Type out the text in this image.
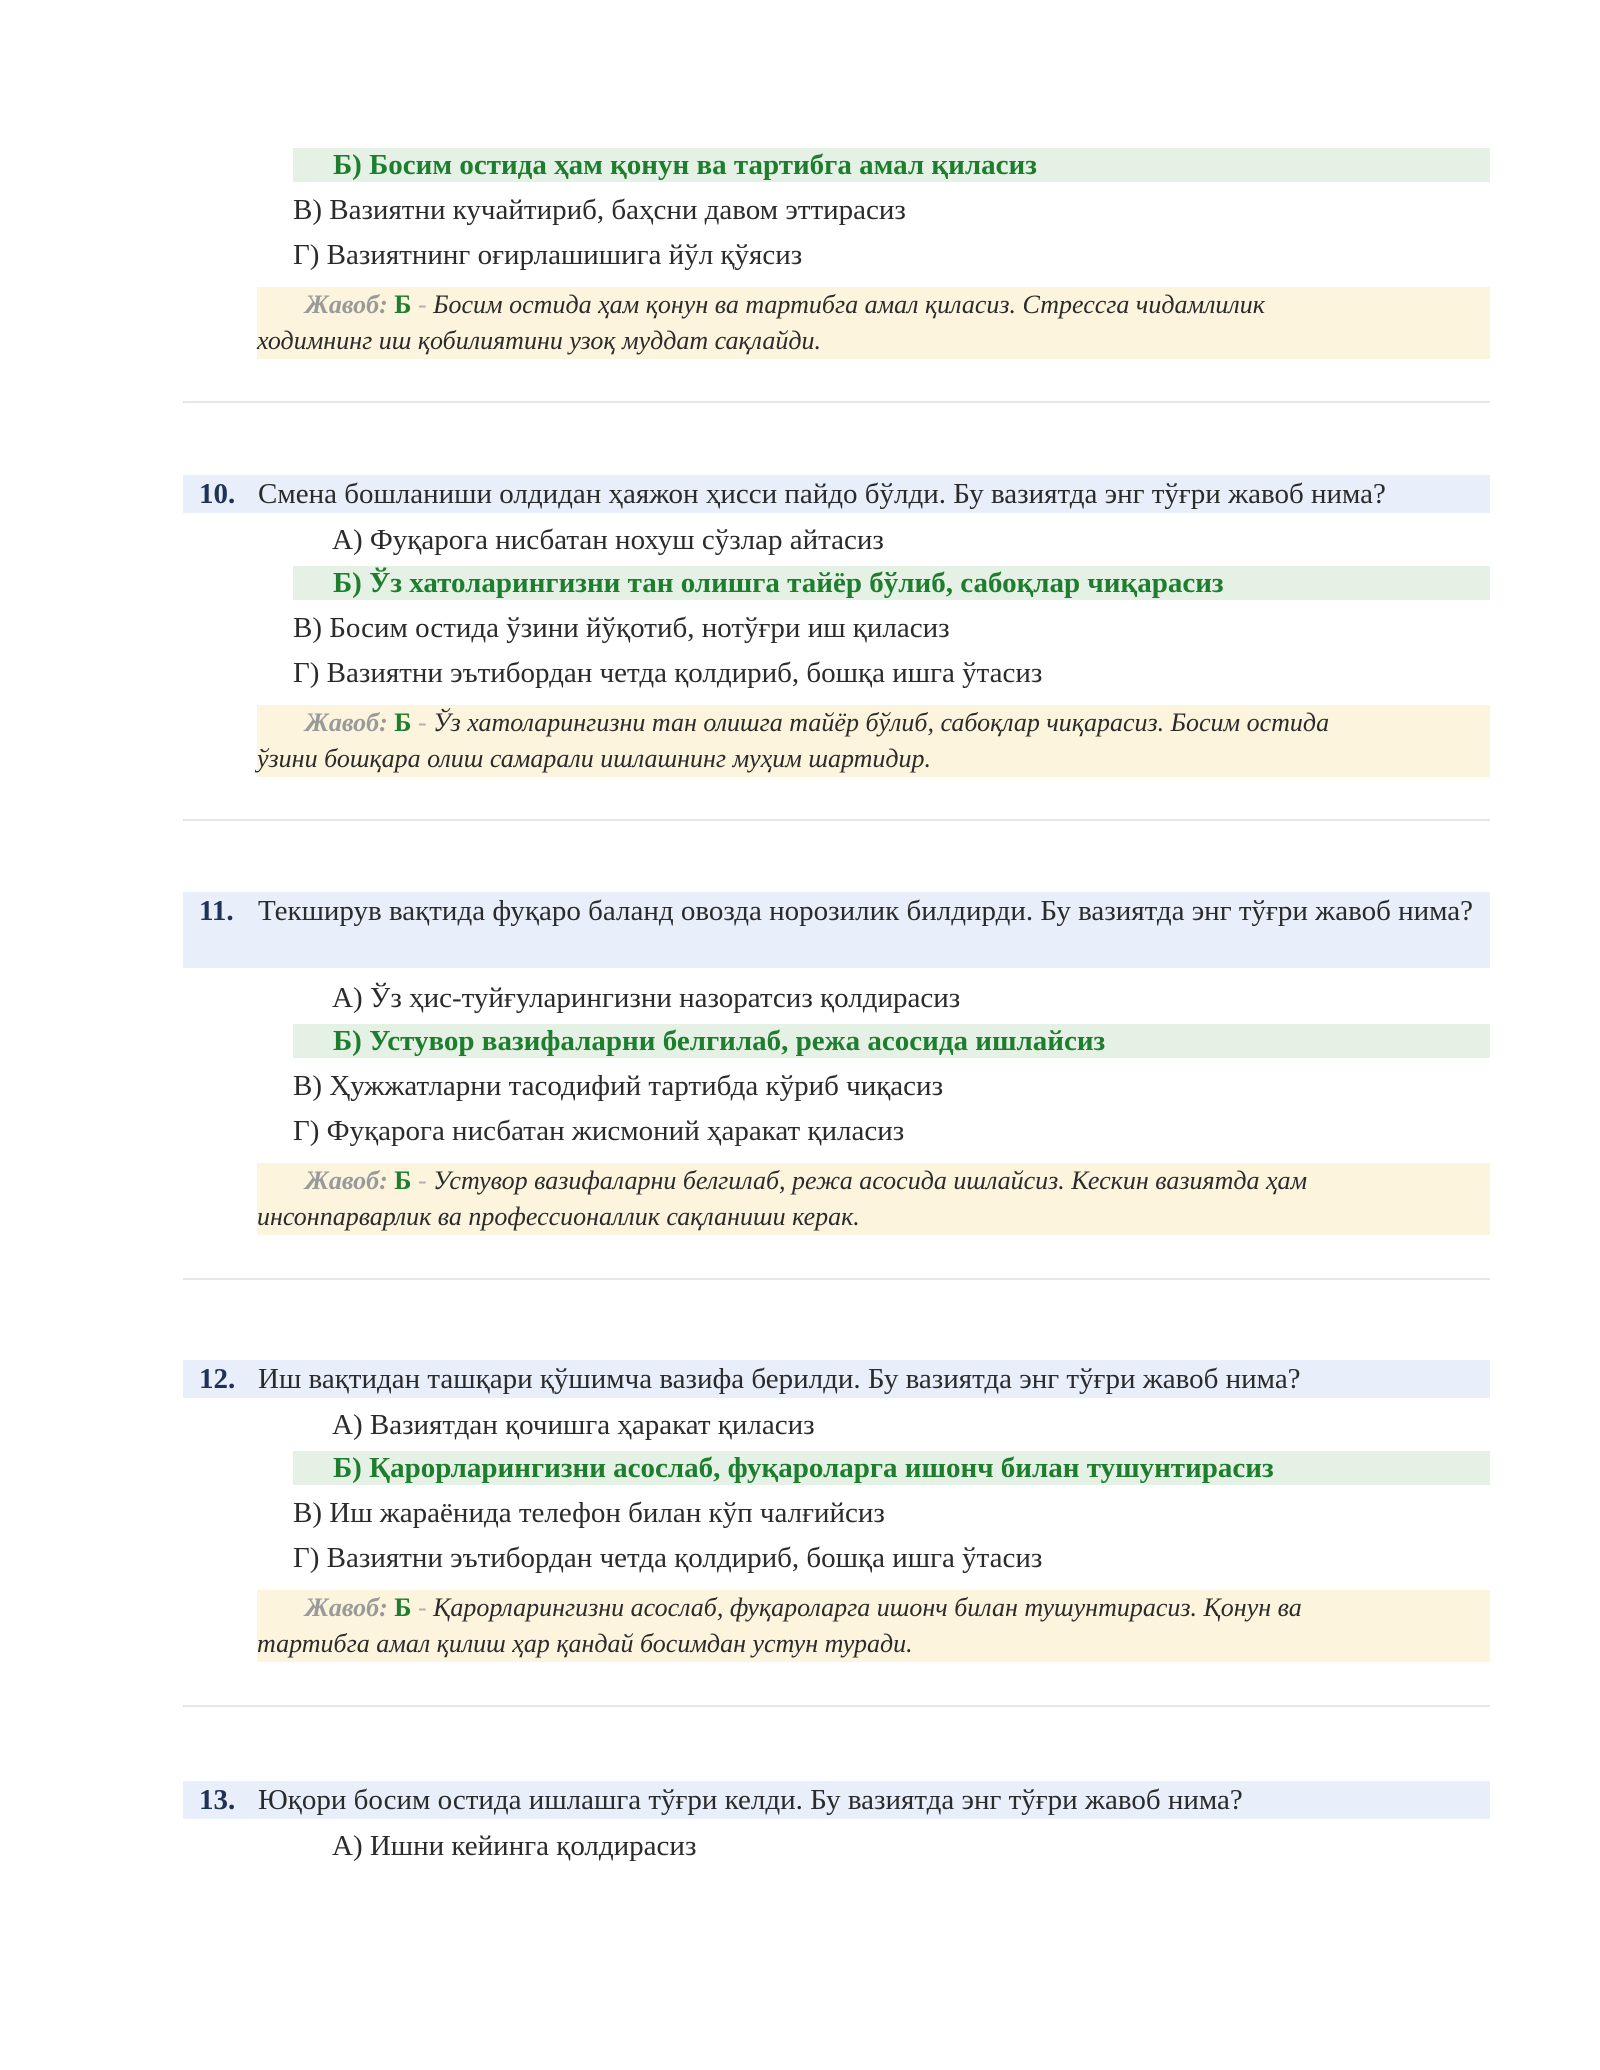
Б) Босим остида ҳам қонун ва тартибга амал қиласиз
В) Вазиятни кучайтириб, баҳсни давом эттирасиз
Г) Вазиятнинг оғирлашишига йўл қўясиз
Жавоб: Б - Босим остида ҳам қонун ва тартибга амал қиласиз. Стрессга чидамлилик
ходимнинг иш қобилиятини узоқ муддат сақлайди.
10. Смена бошланиши олдидан ҳаяжон ҳисси пайдо бўлди. Бу вазиятда энг тўғри жавоб нима?
А) Фуқарога нисбатан нохуш сўзлар айтасиз
Б) Ўз хатоларингизни тан олишга тайёр бўлиб, сабоқлар чиқарасиз
В) Босим остида ўзини йўқотиб, нотўғри иш қиласиз
Г) Вазиятни эътибордан четда қолдириб, бошқа ишга ўтасиз
Жавоб: Б - Ўз хатоларингизни тан олишга тайёр бўлиб, сабоқлар чиқарасиз. Босим остида
ўзини бошқара олиш самарали ишлашнинг муҳим шартидир.
11. Текширув вақтида фуқаро баланд овозда норозилик билдирди. Бу вазиятда энг тўғри жавоб нима?
А) Ўз ҳис-туйғуларингизни назоратсиз қолдирасиз
Б) Устувор вазифаларни белгилаб, режа асосида ишлайсиз
В) Ҳужжатларни тасодифий тартибда кўриб чиқасиз
Г) Фуқарога нисбатан жисмоний ҳаракат қиласиз
Жавоб: Б - Устувор вазифаларни белгилаб, режа асосида ишлайсиз. Кескин вазиятда ҳам
инсонпарварлик ва профессионаллик сақланиши керак.
12. Иш вақтидан ташқари қўшимча вазифа берилди. Бу вазиятда энг тўғри жавоб нима?
А) Вазиятдан қочишга ҳаракат қиласиз
Б) Қарорларингизни асослаб, фуқароларга ишонч билан тушунтирасиз
В) Иш жараёнида телефон билан кўп чалғийсиз
Г) Вазиятни эътибордан четда қолдириб, бошқа ишга ўтасиз
Жавоб: Б - Қарорларингизни асослаб, фуқароларга ишонч билан тушунтирасиз. Қонун ва
тартибга амал қилиш ҳар қандай босимдан устун туради.
13. Юқори босим остида ишлашга тўғри келди. Бу вазиятда энг тўғри жавоб нима?
А) Ишни кейинга қолдирасиз
